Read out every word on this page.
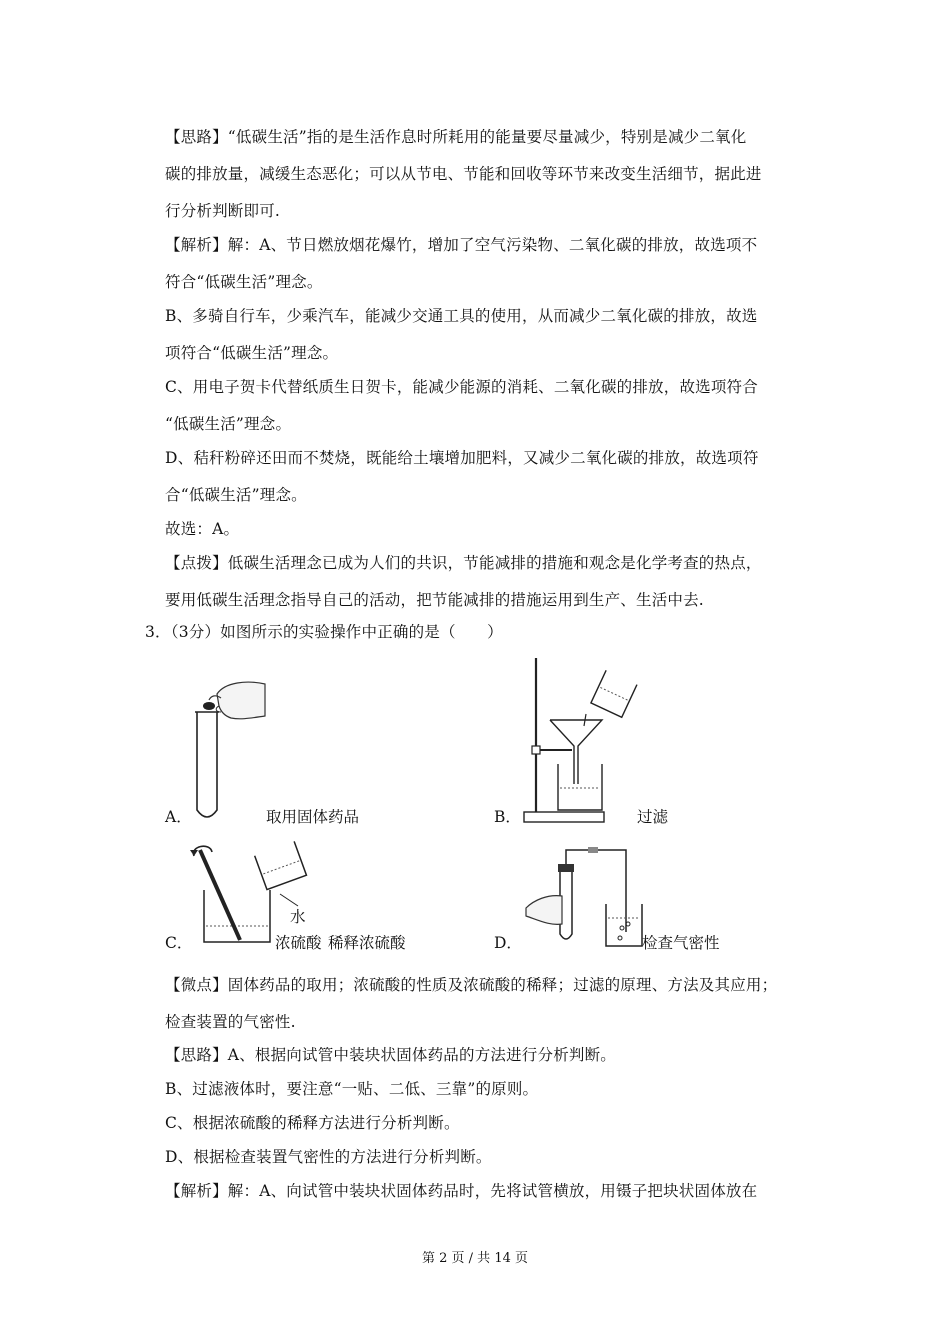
【思路】“低碳生活”指的是生活作息时所耗用的能量要尽量减少，特别是减少二氧化
碳的排放量，减缓生态恶化；可以从节电、节能和回收等环节来改变生活细节，据此进
行分析判断即可.
【解析】解：A、节日燃放烟花爆竹，增加了空气污染物、二氧化碳的排放，故选项不
符合“低碳生活”理念。
B、多骑自行车，少乘汽车，能减少交通工具的使用，从而减少二氧化碳的排放，故选
项符合“低碳生活”理念。
C、用电子贺卡代替纸质生日贺卡，能减少能源的消耗、二氧化碳的排放，故选项符合
“低碳生活”理念。
D、秸秆粉碎还田而不焚烧，既能给土壤增加肥料，又减少二氧化碳的排放，故选项符
合“低碳生活”理念。
故选：A。
【点拨】低碳生活理念已成为人们的共识，节能减排的措施和观念是化学考查的热点，
要用低碳生活理念指导自己的活动，把节能减排的措施运用到生产、生活中去.
3．（3分）如图所示的实验操作中正确的是（　　）
A．	取用固体药品	B．	过滤
水
浓硫酸
C．	稀释浓硫酸	D．	检查气密性
【微点】固体药品的取用；浓硫酸的性质及浓硫酸的稀释；过滤的原理、方法及其应用；
检查装置的气密性.
【思路】A、根据向试管中装块状固体药品的方法进行分析判断。
B、过滤液体时，要注意“一贴、二低、三靠”的原则。
C、根据浓硫酸的稀释方法进行分析判断。
D、根据检查装置气密性的方法进行分析判断。
【解析】解：A、向试管中装块状固体药品时，先将试管横放，用镊子把块状固体放在
第 2 页 / 共 14 页
